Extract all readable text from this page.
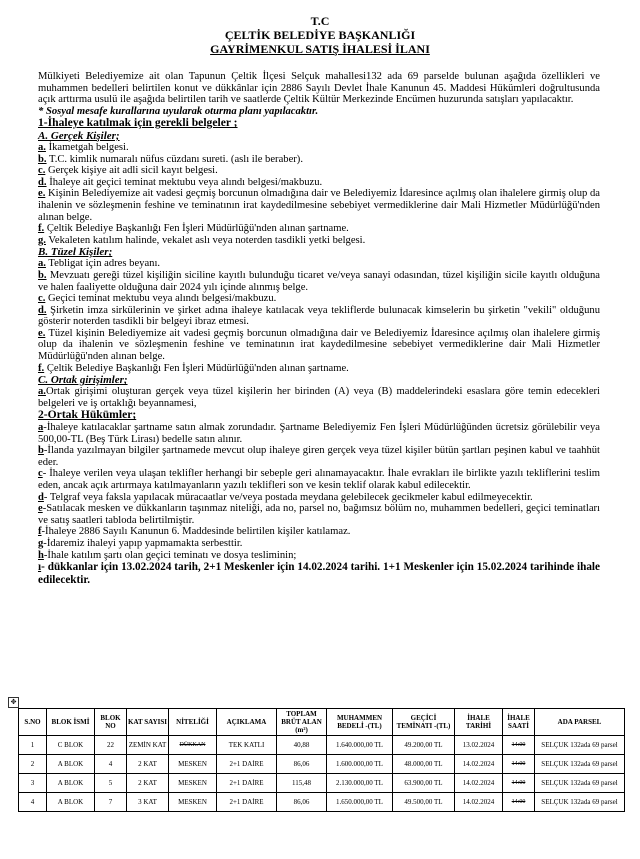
T.C
ÇELTİK BELEDİYE BAŞKANLIĞI
GAYRİMENKUL SATIŞ İHALESİ İLANI

Mülkiyeti Belediyemize ait olan Tapunun Çeltik İlçesi Selçuk mahallesi132 ada 69 parselde bulunan aşağıda özellikleri ve muhammen bedelleri belirtilen konut ve dükkânlar için 2886 Sayılı Devlet İhale Kanunun 45. Maddesi Hükümleri doğrultusunda açık arttırma usulü ile aşağıda belirtilen tarih ve saatlerde Çeltik Kültür Merkezinde Encümen huzurunda satışları yapılacaktır.

* Sosyal mesafe kurallarına uyularak oturma planı yapılacaktır.

1-İhaleye katılmak için gerekli belgeler ;

A. Gerçek Kişiler;

a. İkametgah belgesi.

b. T.C. kimlik numaralı nüfus cüzdanı sureti. (aslı ile beraber).

c. Gerçek kişiye ait adli sicil kayıt belgesi.

d. İhaleye ait geçici teminat mektubu veya alındı belgesi/makbuzu.

e. Kişinin Belediyemize ait vadesi geçmiş borcunun olmadığına dair ve Belediyemiz İdaresince açılmış olan ihalelere girmiş olup da ihalenin ve sözleşmenin feshine ve teminatının irat kaydedilmesine sebebiyet vermediklerine dair Mali Hizmetler Müdürlüğü'nden alınan belge.

f. Çeltik Belediye Başkanlığı Fen İşleri Müdürlüğü'nden alınan şartname.

g. Vekaleten katılım halinde, vekalet aslı veya noterden tasdikli yetki belgesi.

B. Tüzel Kişiler;

a. Tebligat için adres beyanı.

b. Mevzuatı gereği tüzel kişiliğin siciline kayıtlı bulunduğu ticaret ve/veya sanayi odasından, tüzel kişiliğin sicile kayıtlı olduğuna ve halen faaliyette olduğuna dair 2024 yılı içinde alınmış belge.

c. Geçici teminat mektubu veya alındı belgesi/makbuzu.

d. Şirketin imza sirkülerinin ve şirket adına ihaleye katılacak veya tekliflerde bulunacak kimselerin bu şirketin "vekili" olduğunu gösterir noterden tasdikli bir belgeyi ibraz etmesi.

e. Tüzel kişinin Belediyemize ait vadesi geçmiş borcunun olmadığına dair ve Belediyemiz İdaresince açılmış olan ihalelere girmiş olup da ihalenin ve sözleşmenin feshine ve teminatının irat kaydedilmesine sebebiyet vermediklerine dair Mali Hizmetler Müdürlüğü'nden alınan belge.

f. Çeltik Belediye Başkanlığı Fen İşleri Müdürlüğü'nden alınan şartname.

C. Ortak girişimler;

a.Ortak girişimi oluşturan gerçek veya tüzel kişilerin her birinden (A) veya (B) maddelerindeki esaslara göre temin edecekleri belgeleri ve iş ortaklığı beyannamesi,

2-Ortak Hükümler;

a-İhaleye katılacaklar şartname satın almak zorundadır. Şartname Belediyemiz Fen İşleri Müdürlüğünden ücretsiz görülebilir veya 500,00-TL (Beş Türk Lirası) bedelle satın alınır.

b-İlanda yazılmayan bilgiler şartnamede mevcut olup ihaleye giren gerçek veya tüzel kişiler bütün şartları peşinen kabul ve taahhüt eder.

c- İhaleye verilen veya ulaşan teklifler herhangi bir sebeple geri alınamayacaktır. İhale evrakları ile birlikte yazılı tekliflerini teslim eden, ancak açık artırmaya katılmayanların yazılı teklifleri son ve kesin teklif olarak kabul edilecektir.

d- Telgraf veya faksla yapılacak müracaatlar ve/veya postada meydana gelebilecek gecikmeler kabul edilmeyecektir.

e-Satılacak mesken ve dükkanların taşınmaz niteliği, ada no, parsel no, bağımsız bölüm no, muhammen bedelleri, geçici teminatları ve satış saatleri tabloda belirtilmiştir.

f-İhaleye 2886 Sayılı Kanunun 6. Maddesinde belirtilen kişiler katılamaz.

g-İdaremiz ihaleyi yapıp yapmamakta serbesttir.

h-İhale katılım şartı olan geçici teminatı ve dosya tesliminin;

ı- dükkanlar için 13.02.2024 tarih, 2+1 Meskenler için 14.02.2024 tarihi. 1+1 Meskenler için 15.02.2024 tarihinde ihale edilecektir.

✥
S.NO	BLOK İSMİ	BLOK NO	KAT SAYISI	NİTELİĞİ	AÇIKLAMA	TOPLAM BRÜT ALAN (m²)	MUHAMMEN BEDELİ -(TL)	GEÇİCİ TEMİNATI -(TL)	İHALE TARİHİ	İHALE SAATİ	ADA PARSEL
1	C BLOK	22	ZEMİN KAT	DÜKKAN	TEK KATLI	40,88	1.640.000,00 TL	49.200,00 TL	13.02.2024	14:00	SELÇUK 132ada 69 parsel
2	A BLOK	4	2 KAT	MESKEN	2+1 DAİRE	86,06	1.600.000,00 TL	48.000,00 TL	14.02.2024	14:00	SELÇUK 132ada 69 parsel
3	A BLOK	5	2 KAT	MESKEN	2+1 DAİRE	115,48	2.130.000,00 TL	63.900,00 TL	14.02.2024	14:00	SELÇUK 132ada 69 parsel
4	A BLOK	7	3 KAT	MESKEN	2+1 DAİRE	86,06	1.650.000,00 TL	49.500,00 TL	14.02.2024	14:00	SELÇUK 132ada 69 parsel
